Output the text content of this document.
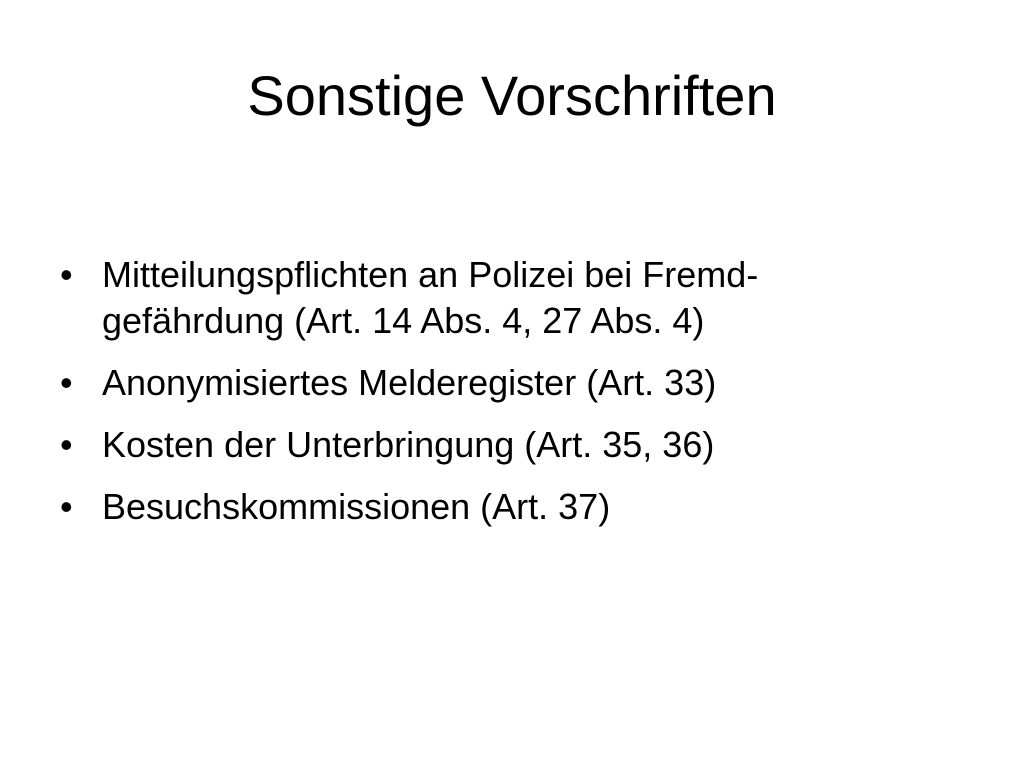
Sonstige Vorschriften
• Mitteilungspflichten an Polizei bei Fremd-
gefährdung (Art. 14 Abs. 4, 27 Abs. 4)
• Anonymisiertes Melderegister (Art. 33)
• Kosten der Unterbringung (Art. 35, 36)
• Besuchskommissionen (Art. 37)
